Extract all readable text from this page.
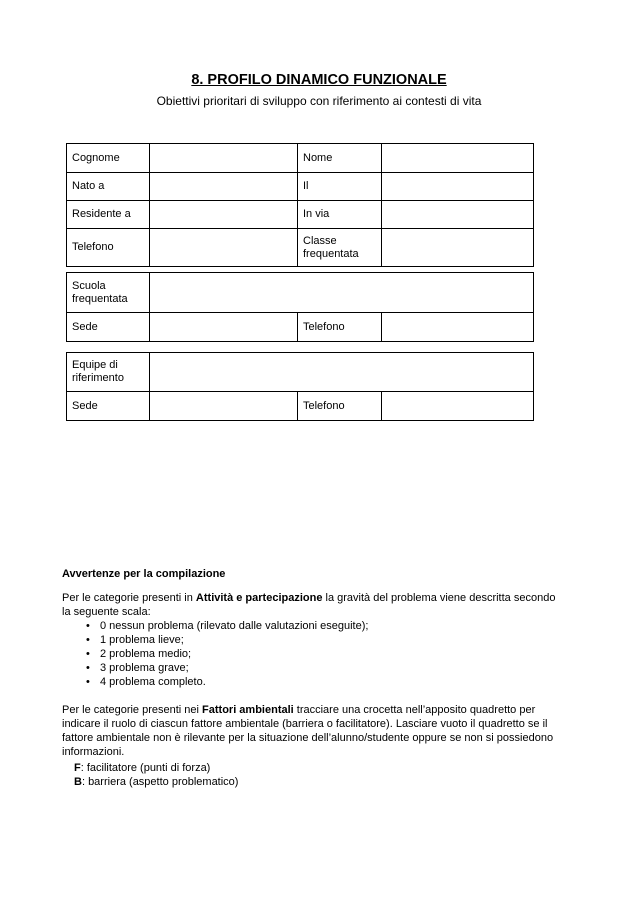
8. PROFILO DINAMICO FUNZIONALE
Obiettivi prioritari di sviluppo con riferimento ai contesti di vita
Cognome		Nome	
Nato a		Il	
Residente a		In via	
Telefono		Classe frequentata	
Scuola frequentata			
Sede		Telefono	
Equipe di riferimento			
Sede		Telefono	

Avvertenze per la compilazione

Per le categorie presenti in Attività e partecipazione la gravità del problema viene descritta secondo la seguente scala:

• 0 nessun problema (rilevato dalle valutazioni eseguite);
• 1 problema lieve;
• 2 problema medio;
• 3 problema grave;
• 4 problema completo.

Per le categorie presenti nei Fattori ambientali tracciare una crocetta nell’apposito quadretto per indicare il ruolo di ciascun fattore ambientale (barriera o facilitatore). Lasciare vuoto il quadretto se il fattore ambientale non è rilevante per la situazione dell’alunno/studente oppure se non si possiedono informazioni.

F: facilitatore (punti di forza)

B: barriera (aspetto problematico)
